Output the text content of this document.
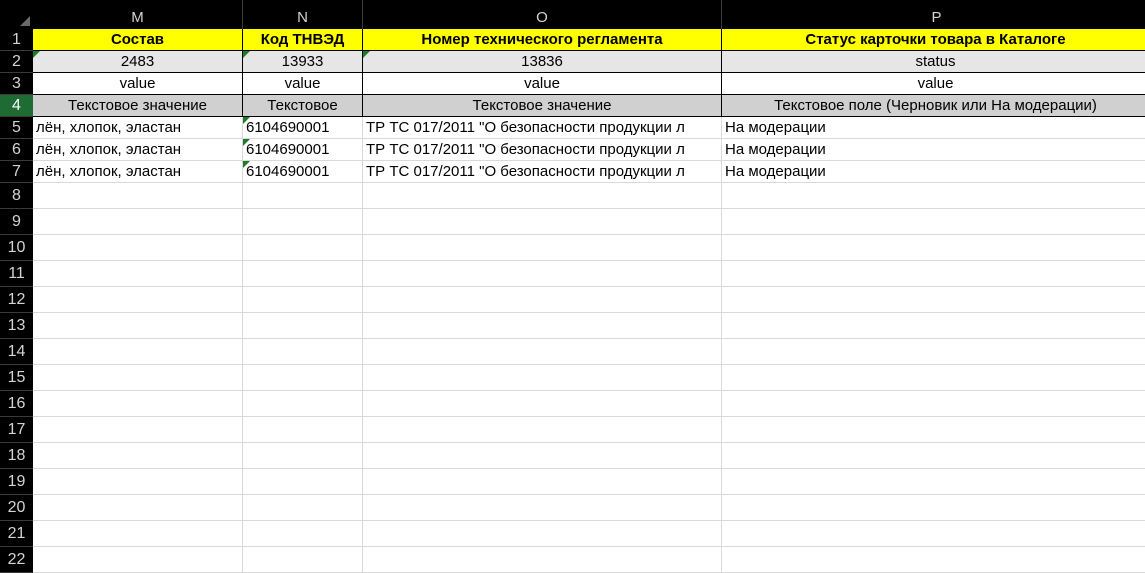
M	N	O	P
1
2
3
4
5
6
7
8
9
10
11
12
13
14
15
16
17
18
19
20
21
22
Состав	Код ТНВЭД	Номер технического регламента	Статус карточки товара в Каталоге
2483	13933	13836	status
value	value	value	value
Текстовое значение	Текстовое	Текстовое значение	Текстовое поле (Черновик или На модерации)
лён, хлопок, эластан	6104690001	ТР ТС 017/2011 "О безопасности продукции л	На модерации
лён, хлопок, эластан	6104690001	ТР ТС 017/2011 "О безопасности продукции л	На модерации
лён, хлопок, эластан	6104690001	ТР ТС 017/2011 "О безопасности продукции л	На модерации
